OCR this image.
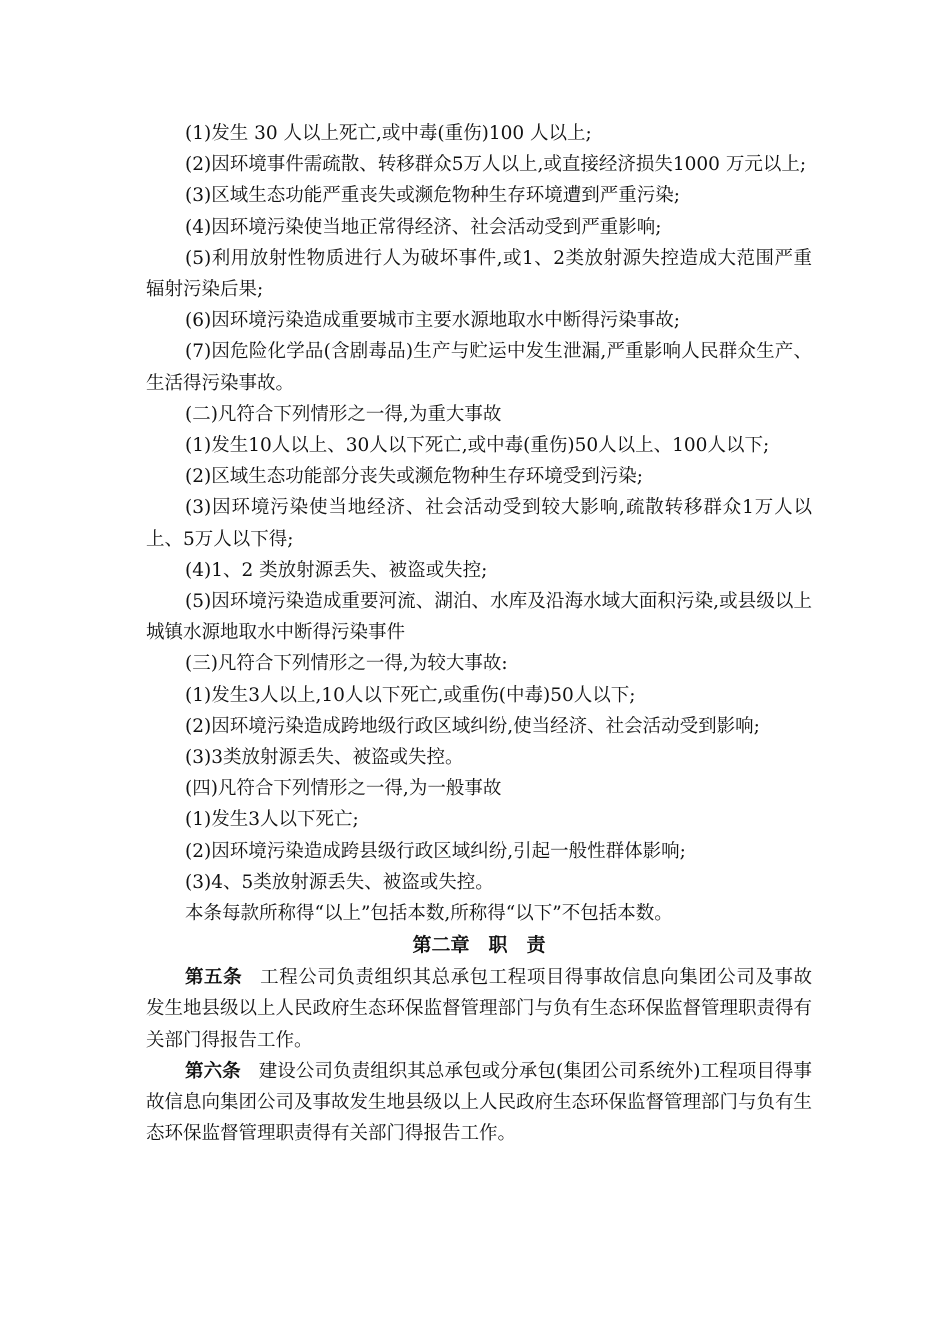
(1)发生 30 人以上死亡,或中毒(重伤)100 人以上;

(2)因环境事件需疏散、转移群众5万人以上,或直接经济损失1000 万元以上;

(3)区域生态功能严重丧失或濒危物种生存环境遭到严重污染;

(4)因环境污染使当地正常得经济、社会活动受到严重影响;

(5)利用放射性物质进行人为破坏事件,或1、2类放射源失控造成大范围严重辐射污染后果;

(6)因环境污染造成重要城市主要水源地取水中断得污染事故;

(7)因危险化学品(含剧毒品)生产与贮运中发生泄漏,严重影响人民群众生产、生活得污染事故。

(二)凡符合下列情形之一得,为重大事故

(1)发生10人以上、30人以下死亡,或中毒(重伤)50人以上、100人以下;

(2)区域生态功能部分丧失或濒危物种生存环境受到污染;

(3)因环境污染使当地经济、社会活动受到较大影响,疏散转移群众1万人以上、5万人以下得;

(4)1、2 类放射源丢失、被盗或失控;

(5)因环境污染造成重要河流、湖泊、水库及沿海水域大面积污染,或县级以上城镇水源地取水中断得污染事件

(三)凡符合下列情形之一得,为较大事故:

(1)发生3人以上,10人以下死亡,或重伤(中毒)50人以下;

(2)因环境污染造成跨地级行政区域纠纷,使当经济、社会活动受到影响;

(3)3类放射源丢失、被盗或失控。

(四)凡符合下列情形之一得,为一般事故

(1)发生3人以下死亡;

(2)因环境污染造成跨县级行政区域纠纷,引起一般性群体影响;

(3)4、5类放射源丢失、被盗或失控。

本条每款所称得“以上”包括本数,所称得“以下”不包括本数。

第二章　职　责

第五条 工程公司负责组织其总承包工程项目得事故信息向集团公司及事故发生地县级以上人民政府生态环保监督管理部门与负有生态环保监督管理职责得有关部门得报告工作。

第六条 建设公司负责组织其总承包或分承包(集团公司系统外)工程项目得事故信息向集团公司及事故发生地县级以上人民政府生态环保监督管理部门与负有生态环保监督管理职责得有关部门得报告工作。
